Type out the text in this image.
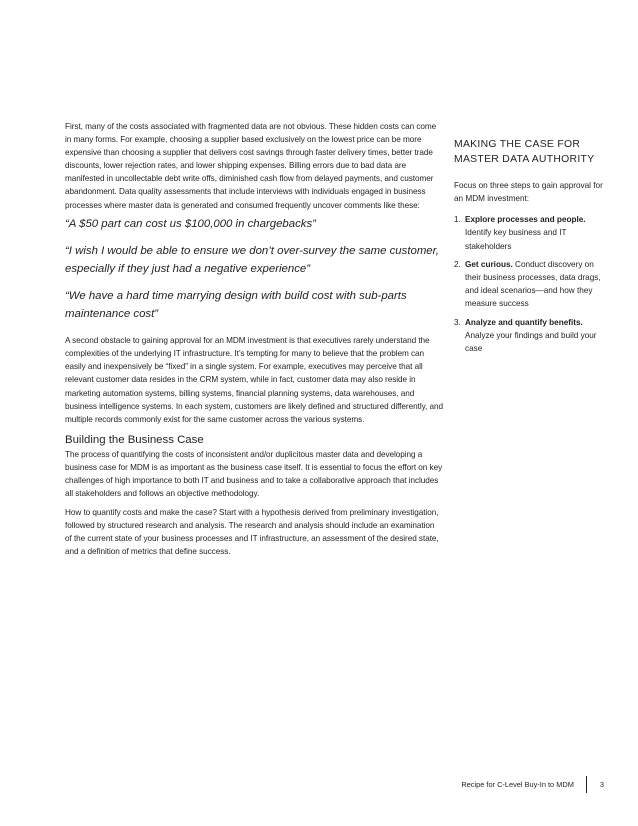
First, many of the costs associated with fragmented data are not obvious. These hidden costs can come in many forms. For example, choosing a supplier based exclusively on the lowest price can be more expensive than choosing a supplier that delivers cost savings through faster delivery times, better trade discounts, lower rejection rates, and lower shipping expenses. Billing errors due to bad data are manifested in uncollectable debt write offs, diminished cash flow from delayed payments, and customer abandonment. Data quality assessments that include interviews with individuals engaged in business processes where master data is generated and consumed frequently uncover comments like these:

“A $50 part can cost us $100,000 in chargebacks”
“I wish I would be able to ensure we don’t over-survey the same customer, especially if they just had a negative experience”
“We have a hard time marrying design with build cost with sub-parts maintenance cost”

A second obstacle to gaining approval for an MDM investment is that executives rarely understand the complexities of the underlying IT infrastructure. It’s tempting for many to believe that the problem can easily and inexpensively be “fixed” in a single system. For example, executives may perceive that all relevant customer data resides in the CRM system, while in fact, customer data may also reside in marketing automation systems, billing systems, financial planning systems, data warehouses, and business intelligence systems. In each system, customers are likely defined and structured differently, and multiple records commonly exist for the same customer across the various systems.

Building the Business Case

The process of quantifying the costs of inconsistent and/or duplicitous master data and developing a business case for MDM is as important as the business case itself. It is essential to focus the effort on key challenges of high importance to both IT and business and to take a collaborative approach that includes all stakeholders and follows an objective methodology.

How to quantify costs and make the case? Start with a hypothesis derived from preliminary investigation, followed by structured research and analysis. The research and analysis should include an examination of the current state of your business processes and IT infrastructure, an assessment of the desired state, and a definition of metrics that define success.

MAKING THE CASE FOR MASTER DATA AUTHORITY
Focus on three steps to gain approval for an MDM investment:
1. Explore processes and people. Identify key business and IT stakeholders
2. Get curious. Conduct discovery on their business processes, data drags, and ideal scenarios—and how they measure success
3. Analyze and quantify benefits. Analyze your findings and build your case
Recipe for C-Level Buy-In to MDM	3
